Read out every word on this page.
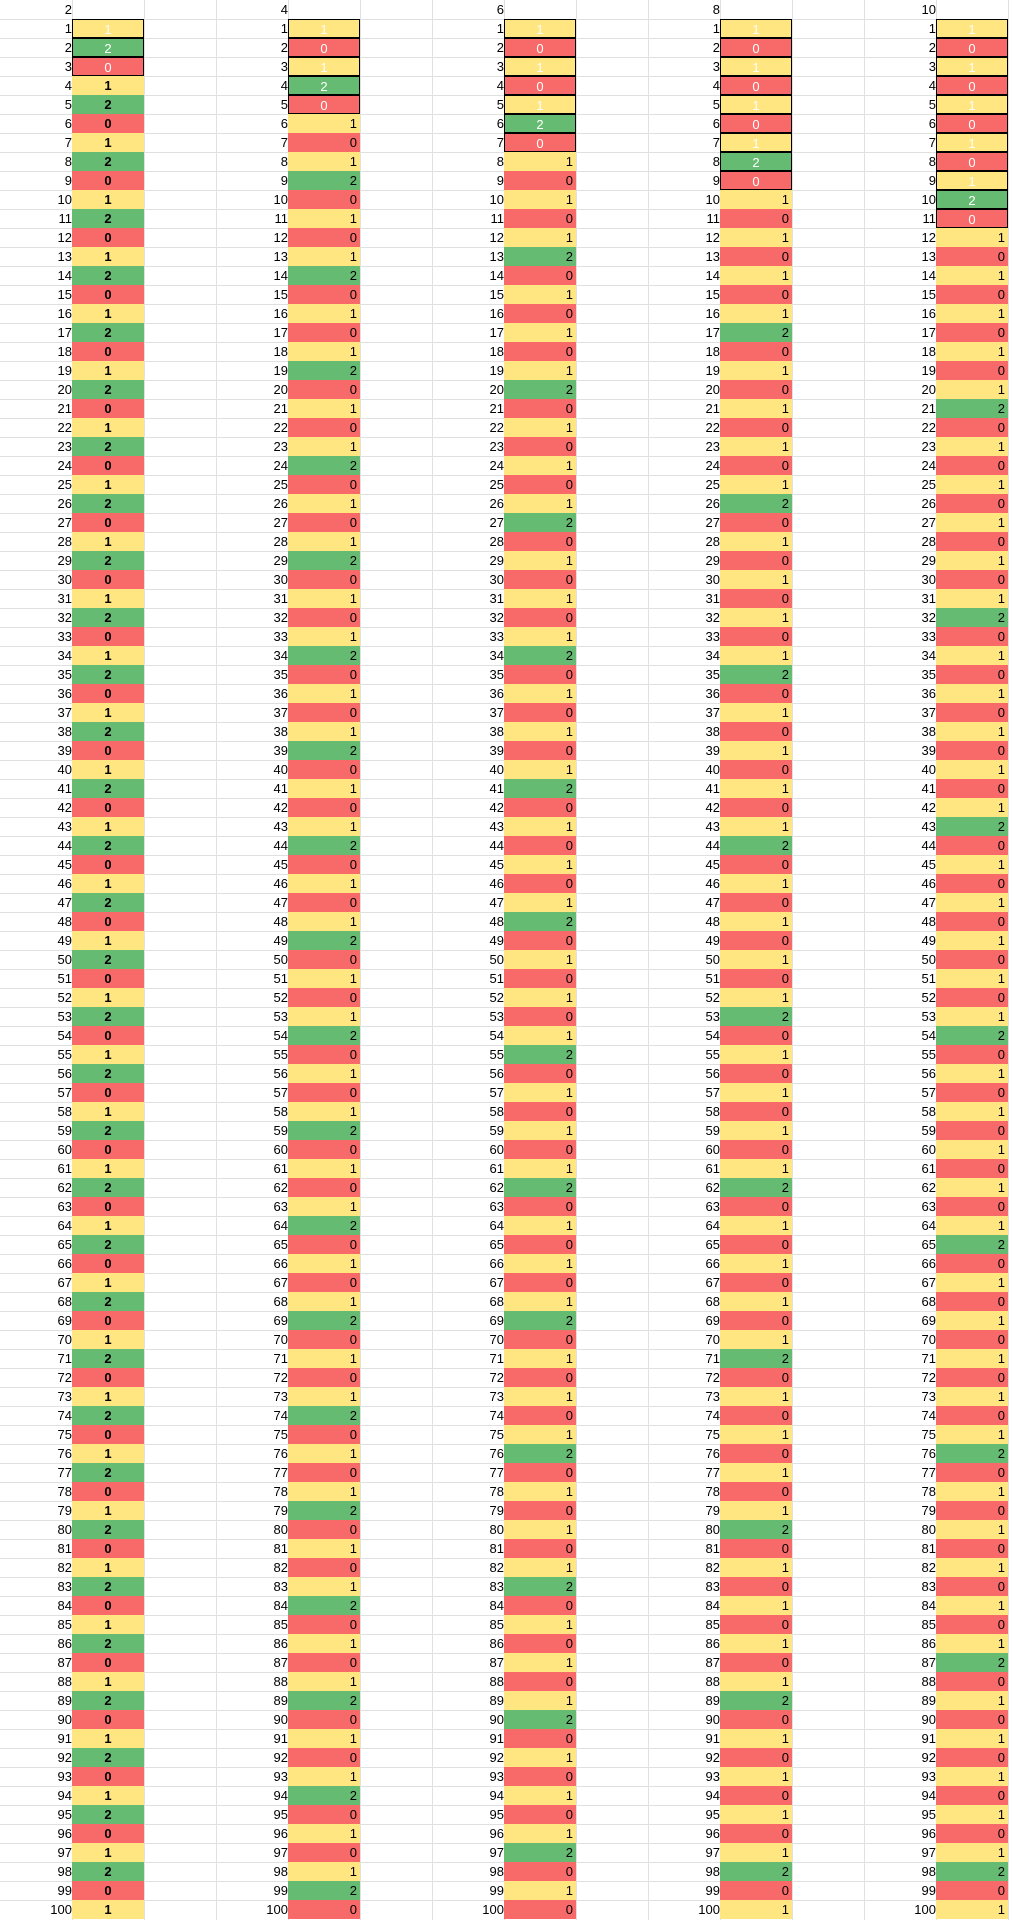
2
1	1
2	2
3	0
4	1
5	2
6	0
7	1
8	2
9	0
10	1
11	2
12	0
13	1
14	2
15	0
16	1
17	2
18	0
19	1
20	2
21	0
22	1
23	2
24	0
25	1
26	2
27	0
28	1
29	2
30	0
31	1
32	2
33	0
34	1
35	2
36	0
37	1
38	2
39	0
40	1
41	2
42	0
43	1
44	2
45	0
46	1
47	2
48	0
49	1
50	2
51	0
52	1
53	2
54	0
55	1
56	2
57	0
58	1
59	2
60	0
61	1
62	2
63	0
64	1
65	2
66	0
67	1
68	2
69	0
70	1
71	2
72	0
73	1
74	2
75	0
76	1
77	2
78	0
79	1
80	2
81	0
82	1
83	2
84	0
85	1
86	2
87	0
88	1
89	2
90	0
91	1
92	2
93	0
94	1
95	2
96	0
97	1
98	2
99	0
100	1
4
1	1
2	0
3	1
4	2
5	0
6	1
7	0
8	1
9	2
10	0
11	1
12	0
13	1
14	2
15	0
16	1
17	0
18	1
19	2
20	0
21	1
22	0
23	1
24	2
25	0
26	1
27	0
28	1
29	2
30	0
31	1
32	0
33	1
34	2
35	0
36	1
37	0
38	1
39	2
40	0
41	1
42	0
43	1
44	2
45	0
46	1
47	0
48	1
49	2
50	0
51	1
52	0
53	1
54	2
55	0
56	1
57	0
58	1
59	2
60	0
61	1
62	0
63	1
64	2
65	0
66	1
67	0
68	1
69	2
70	0
71	1
72	0
73	1
74	2
75	0
76	1
77	0
78	1
79	2
80	0
81	1
82	0
83	1
84	2
85	0
86	1
87	0
88	1
89	2
90	0
91	1
92	0
93	1
94	2
95	0
96	1
97	0
98	1
99	2
100	0
6
1	1
2	0
3	1
4	0
5	1
6	2
7	0
8	1
9	0
10	1
11	0
12	1
13	2
14	0
15	1
16	0
17	1
18	0
19	1
20	2
21	0
22	1
23	0
24	1
25	0
26	1
27	2
28	0
29	1
30	0
31	1
32	0
33	1
34	2
35	0
36	1
37	0
38	1
39	0
40	1
41	2
42	0
43	1
44	0
45	1
46	0
47	1
48	2
49	0
50	1
51	0
52	1
53	0
54	1
55	2
56	0
57	1
58	0
59	1
60	0
61	1
62	2
63	0
64	1
65	0
66	1
67	0
68	1
69	2
70	0
71	1
72	0
73	1
74	0
75	1
76	2
77	0
78	1
79	0
80	1
81	0
82	1
83	2
84	0
85	1
86	0
87	1
88	0
89	1
90	2
91	0
92	1
93	0
94	1
95	0
96	1
97	2
98	0
99	1
100	0
8
1	1
2	0
3	1
4	0
5	1
6	0
7	1
8	2
9	0
10	1
11	0
12	1
13	0
14	1
15	0
16	1
17	2
18	0
19	1
20	0
21	1
22	0
23	1
24	0
25	1
26	2
27	0
28	1
29	0
30	1
31	0
32	1
33	0
34	1
35	2
36	0
37	1
38	0
39	1
40	0
41	1
42	0
43	1
44	2
45	0
46	1
47	0
48	1
49	0
50	1
51	0
52	1
53	2
54	0
55	1
56	0
57	1
58	0
59	1
60	0
61	1
62	2
63	0
64	1
65	0
66	1
67	0
68	1
69	0
70	1
71	2
72	0
73	1
74	0
75	1
76	0
77	1
78	0
79	1
80	2
81	0
82	1
83	0
84	1
85	0
86	1
87	0
88	1
89	2
90	0
91	1
92	0
93	1
94	0
95	1
96	0
97	1
98	2
99	0
100	1
10
1	1
2	0
3	1
4	0
5	1
6	0
7	1
8	0
9	1
10	2
11	0
12	1
13	0
14	1
15	0
16	1
17	0
18	1
19	0
20	1
21	2
22	0
23	1
24	0
25	1
26	0
27	1
28	0
29	1
30	0
31	1
32	2
33	0
34	1
35	0
36	1
37	0
38	1
39	0
40	1
41	0
42	1
43	2
44	0
45	1
46	0
47	1
48	0
49	1
50	0
51	1
52	0
53	1
54	2
55	0
56	1
57	0
58	1
59	0
60	1
61	0
62	1
63	0
64	1
65	2
66	0
67	1
68	0
69	1
70	0
71	1
72	0
73	1
74	0
75	1
76	2
77	0
78	1
79	0
80	1
81	0
82	1
83	0
84	1
85	0
86	1
87	2
88	0
89	1
90	0
91	1
92	0
93	1
94	0
95	1
96	0
97	1
98	2
99	0
100	1
